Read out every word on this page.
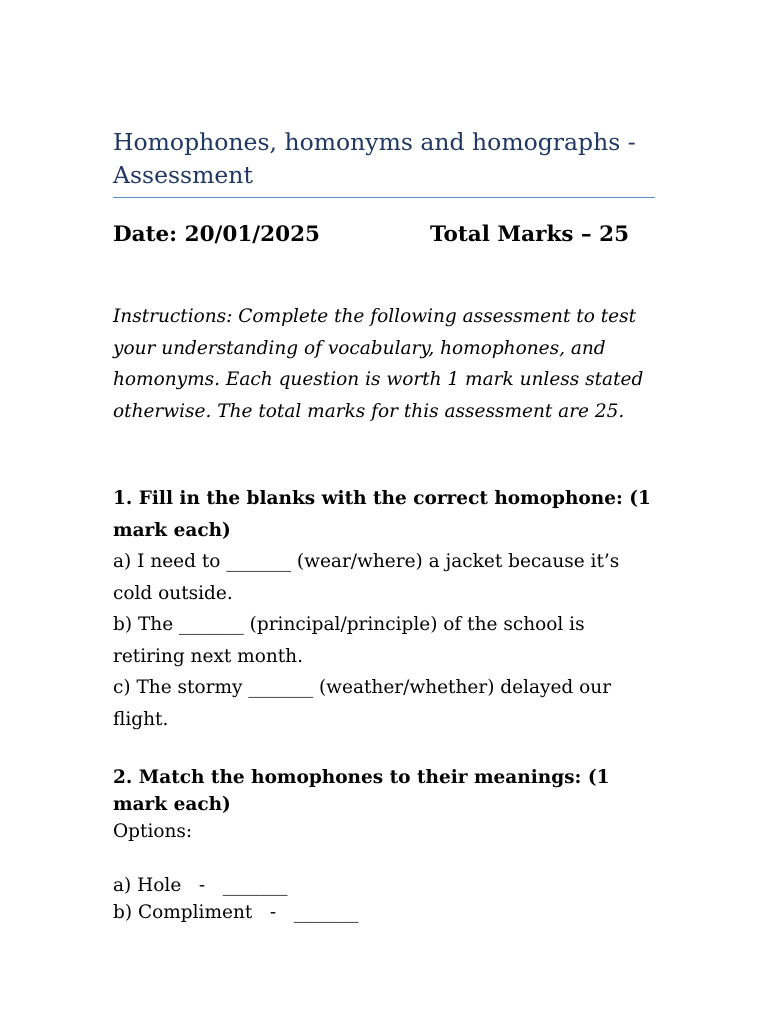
Homophones, homonyms and homographs - Assessment
Date: 20/01/2025	Total Marks – 25
Instructions: Complete the following assessment to test your understanding of vocabulary, homophones, and homonyms. Each question is worth 1 mark unless stated otherwise. The total marks for this assessment are 25.
1. Fill in the blanks with the correct homophone: (1 mark each)
a) I need to _______ (wear/where) a jacket because it’s cold outside.
b) The _______ (principal/principle) of the school is retiring next month.
c) The stormy _______ (weather/whether) delayed our flight.
2. Match the homophones to their meanings: (1 mark each)
Options:
a) Hole   -   _______
b) Compliment   -   _______
